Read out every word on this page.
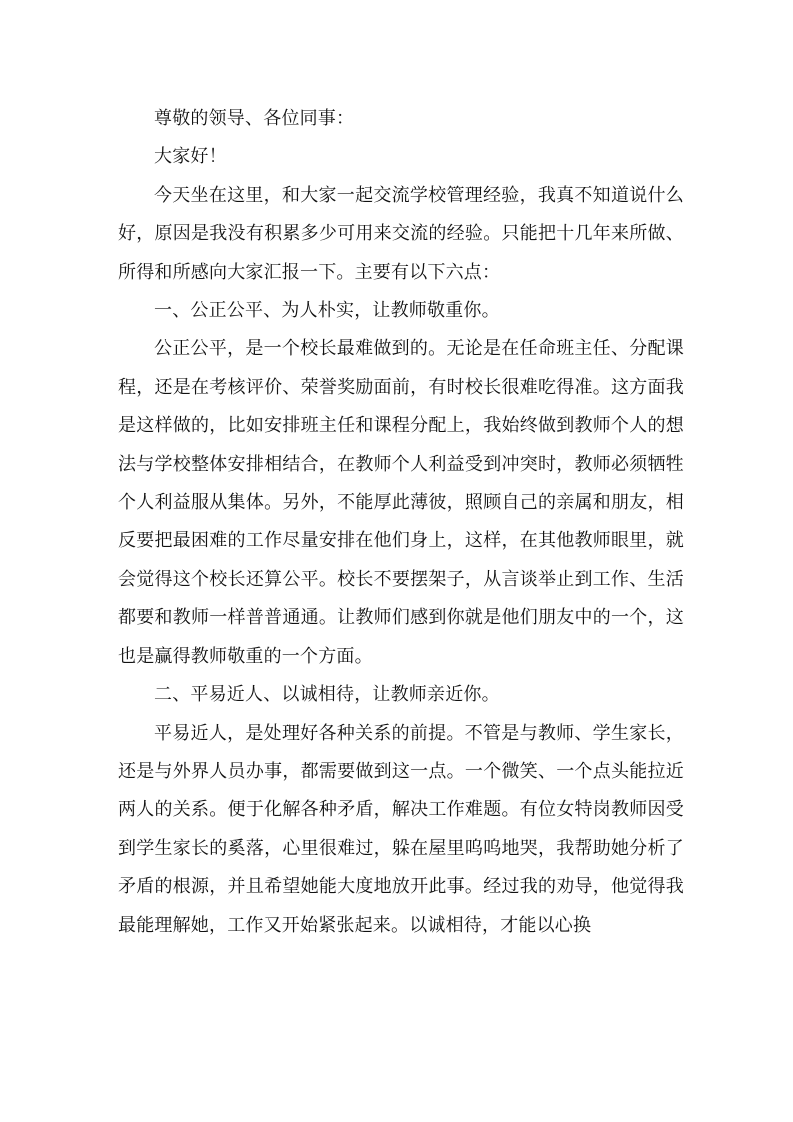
尊敬的领导、各位同事：

大家好！

今天坐在这里，和大家一起交流学校管理经验，我真不知道说什么好，原因是我没有积累多少可用来交流的经验。只能把十几年来所做、所得和所感向大家汇报一下。主要有以下六点：

一、公正公平、为人朴实，让教师敬重你。

公正公平，是一个校长最难做到的。无论是在任命班主任、分配课程，还是在考核评价、荣誉奖励面前，有时校长很难吃得准。这方面我是这样做的，比如安排班主任和课程分配上，我始终做到教师个人的想法与学校整体安排相结合，在教师个人利益受到冲突时，教师必须牺牲个人利益服从集体。另外，不能厚此薄彼，照顾自己的亲属和朋友，相反要把最困难的工作尽量安排在他们身上，这样，在其他教师眼里，就会觉得这个校长还算公平。校长不要摆架子，从言谈举止到工作、生活都要和教师一样普普通通。让教师们感到你就是他们朋友中的一个，这也是赢得教师敬重的一个方面。

二、平易近人、以诚相待，让教师亲近你。

平易近人，是处理好各种关系的前提。不管是与教师、学生家长，还是与外界人员办事，都需要做到这一点。一个微笑、一个点头能拉近两人的关系。便于化解各种矛盾，解决工作难题。有位女特岗教师因受到学生家长的奚落，心里很难过，躲在屋里呜呜地哭，我帮助她分析了矛盾的根源，并且希望她能大度地放开此事。经过我的劝导，他觉得我最能理解她，工作又开始紧张起来。以诚相待，才能以心换
